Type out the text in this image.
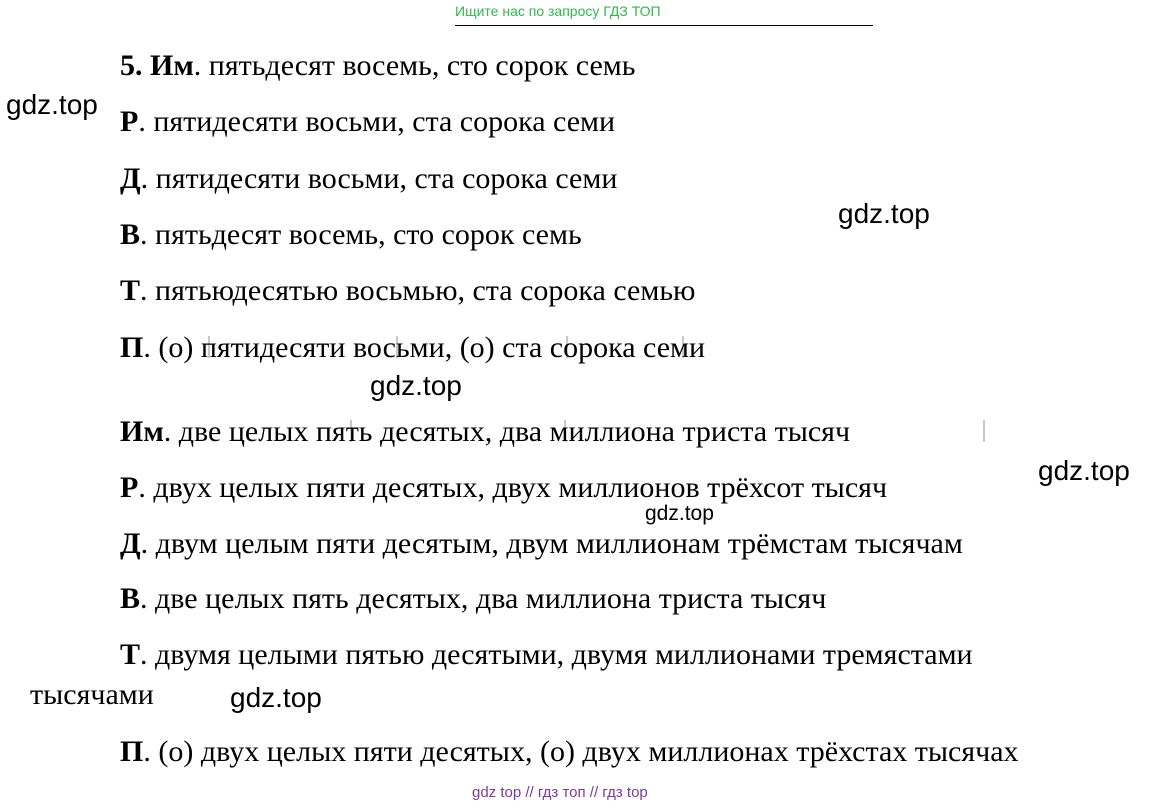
Ищите нас по запросу ГДЗ ТОП
5. Им. пятьдесят восемь, сто сорок семь
Р. пятидесяти восьми, ста сорока семи
Д. пятидесяти восьми, ста сорока семи
В. пятьдесят восемь, сто сорок семь
Т. пятьюдесятью восьмью, ста сорока семью
П. (о) пятидесяти восьми, (о) ста сорока семи
Им. две целых пять десятых, два миллиона триста тысяч
Р. двух целых пяти десятых, двух миллионов трёхсот тысяч
Д. двум целым пяти десятым, двум миллионам трёмстам тысячам
В. две целых пять десятых, два миллиона триста тысяч
Т. двумя целыми пятью десятыми, двумя миллионами тремястами
тысячами
П. (о) двух целых пяти десятых, (о) двух миллионах трёхстах тысячах
gdz.top
gdz.top
gdz.top
gdz.top
gdz.top
gdz.top
gdz top // гдз топ // гдз top
